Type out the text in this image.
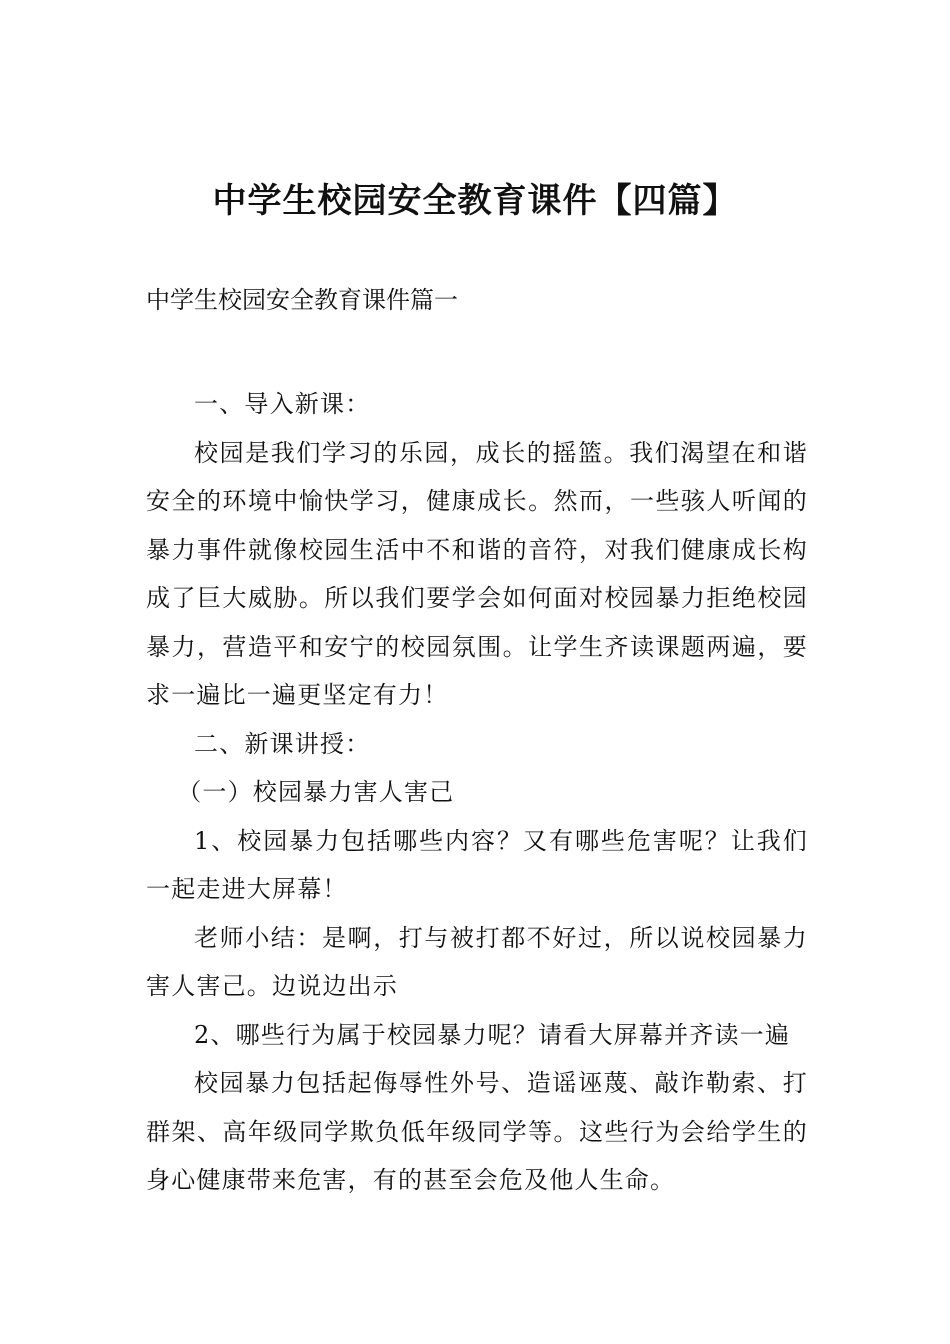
中学生校园安全教育课件【四篇】
中学生校园安全教育课件篇一

一、导入新课：

校园是我们学习的乐园，成长的摇篮。我们渴望在和谐安全的环境中愉快学习，健康成长。然而，一些骇人听闻的暴力事件就像校园生活中不和谐的音符，对我们健康成长构成了巨大威胁。所以我们要学会如何面对校园暴力拒绝校园暴力，营造平和安宁的校园氛围。让学生齐读课题两遍，要求一遍比一遍更坚定有力！

二、新课讲授：

（一）校园暴力害人害己

1、校园暴力包括哪些内容？又有哪些危害呢？让我们一起走进大屏幕！

老师小结：是啊，打与被打都不好过，所以说校园暴力害人害己。边说边出示

2、哪些行为属于校园暴力呢？请看大屏幕并齐读一遍

校园暴力包括起侮辱性外号、造谣诬蔑、敲诈勒索、打群架、高年级同学欺负低年级同学等。这些行为会给学生的身心健康带来危害，有的甚至会危及他人生命。
